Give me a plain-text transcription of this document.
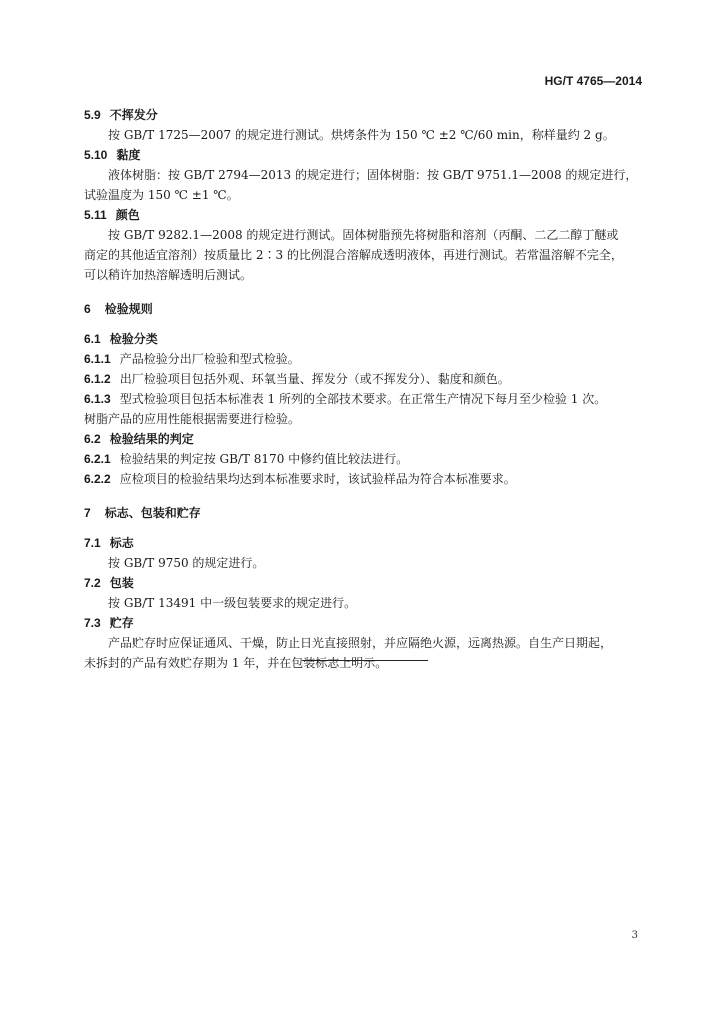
HG/T 4765—2014
5.9 不挥发分
按 GB/T 1725—2007 的规定进行测试。烘烤条件为 150 ℃ ±2 ℃/60 min，称样量约 2 g。
5.10 黏度
液体树脂：按 GB/T 2794—2013 的规定进行；固体树脂：按 GB/T 9751.1—2008 的规定进行，
试验温度为 150 ℃ ±1 ℃。
5.11 颜色
按 GB/T 9282.1—2008 的规定进行测试。固体树脂预先将树脂和溶剂（丙酮、二乙二醇丁醚或
商定的其他适宜溶剂）按质量比 2∶3 的比例混合溶解成透明液体，再进行测试。若常温溶解不完全，
可以稍许加热溶解透明后测试。
6 检验规则
6.1 检验分类
6.1.1 产品检验分出厂检验和型式检验。
6.1.2 出厂检验项目包括外观、环氧当量、挥发分（或不挥发分）、黏度和颜色。
6.1.3 型式检验项目包括本标准表 1 所列的全部技术要求。在正常生产情况下每月至少检验 1 次。
树脂产品的应用性能根据需要进行检验。
6.2 检验结果的判定
6.2.1 检验结果的判定按 GB/T 8170 中修约值比较法进行。
6.2.2 应检项目的检验结果均达到本标准要求时，该试验样品为符合本标准要求。
7 标志、包装和贮存
7.1 标志
按 GB/T 9750 的规定进行。
7.2 包装
按 GB/T 13491 中一级包装要求的规定进行。
7.3 贮存
产品贮存时应保证通风、干燥，防止日光直接照射，并应隔绝火源，远离热源。自生产日期起，
未拆封的产品有效贮存期为 1 年，并在包装标志上明示。
3
